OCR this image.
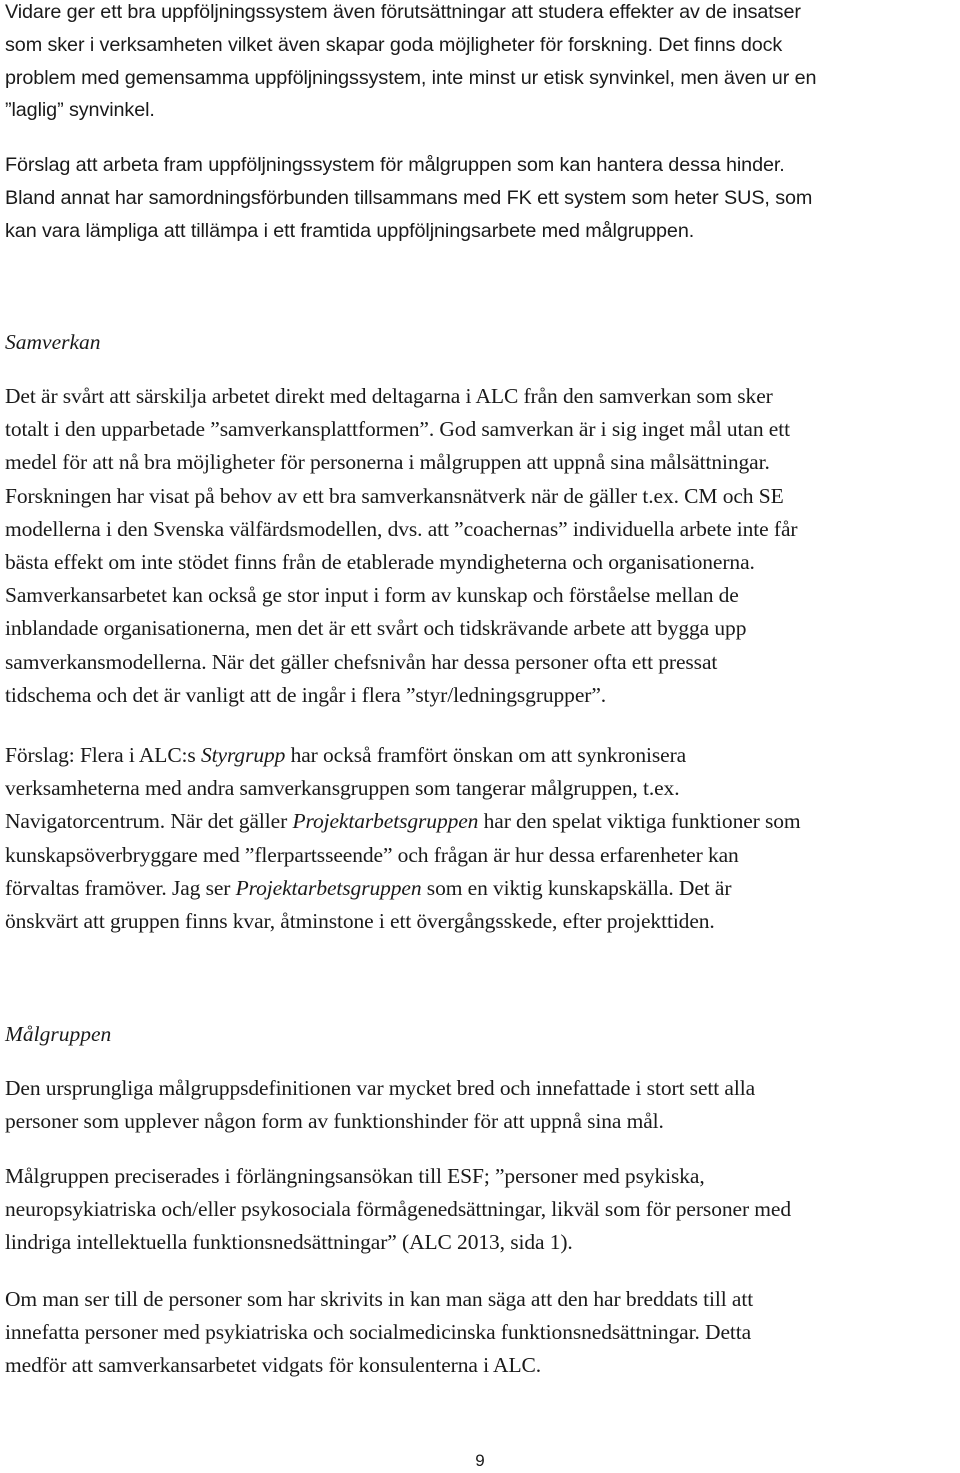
Vidare ger ett bra uppföljningssystem även förutsättningar att studera effekter av de insatser
som sker i verksamheten vilket även skapar goda möjligheter för forskning. Det finns dock
problem med gemensamma uppföljningssystem, inte minst ur etisk synvinkel, men även ur en
”laglig” synvinkel.

Förslag att arbeta fram uppföljningssystem för målgruppen som kan hantera dessa hinder.
Bland annat har samordningsförbunden tillsammans med FK ett system som heter SUS, som
kan vara lämpliga att tillämpa i ett framtida uppföljningsarbete med målgruppen.

Samverkan

Det är svårt att särskilja arbetet direkt med deltagarna i ALC från den samverkan som sker
totalt i den upparbetade ”samverkansplattformen”. God samverkan är i sig inget mål utan ett
medel för att nå bra möjligheter för personerna i målgruppen att uppnå sina målsättningar.
Forskningen har visat på behov av ett bra samverkansnätverk när de gäller t.ex. CM och SE
modellerna i den Svenska välfärdsmodellen, dvs. att ”coachernas” individuella arbete inte får
bästa effekt om inte stödet finns från de etablerade myndigheterna och organisationerna.
Samverkansarbetet kan också ge stor input i form av kunskap och förståelse mellan de
inblandade organisationerna, men det är ett svårt och tidskrävande arbete att bygga upp
samverkansmodellerna. När det gäller chefsnivån har dessa personer ofta ett pressat
tidschema och det är vanligt att de ingår i flera ”styr/ledningsgrupper”.

Förslag: Flera i ALC:s Styrgrupp har också framfört önskan om att synkronisera
verksamheterna med andra samverkansgruppen som tangerar målgruppen, t.ex.
Navigatorcentrum. När det gäller Projektarbetsgruppen har den spelat viktiga funktioner som
kunskapsöverbryggare med ”flerpartsseende” och frågan är hur dessa erfarenheter kan
förvaltas framöver. Jag ser Projektarbetsgruppen som en viktig kunskapskälla. Det är
önskvärt att gruppen finns kvar, åtminstone i ett övergångsskede, efter projekttiden.

Målgruppen

Den ursprungliga målgruppsdefinitionen var mycket bred och innefattade i stort sett alla
personer som upplever någon form av funktionshinder för att uppnå sina mål.

Målgruppen preciserades i förlängningsansökan till ESF; ”personer med psykiska,
neuropsykiatriska och/eller psykosociala förmågenedsättningar, likväl som för personer med
lindriga intellektuella funktionsnedsättningar” (ALC 2013, sida 1).

Om man ser till de personer som har skrivits in kan man säga att den har breddats till att
innefatta personer med psykiatriska och socialmedicinska funktionsnedsättningar. Detta
medför att samverkansarbetet vidgats för konsulenterna i ALC.

9
